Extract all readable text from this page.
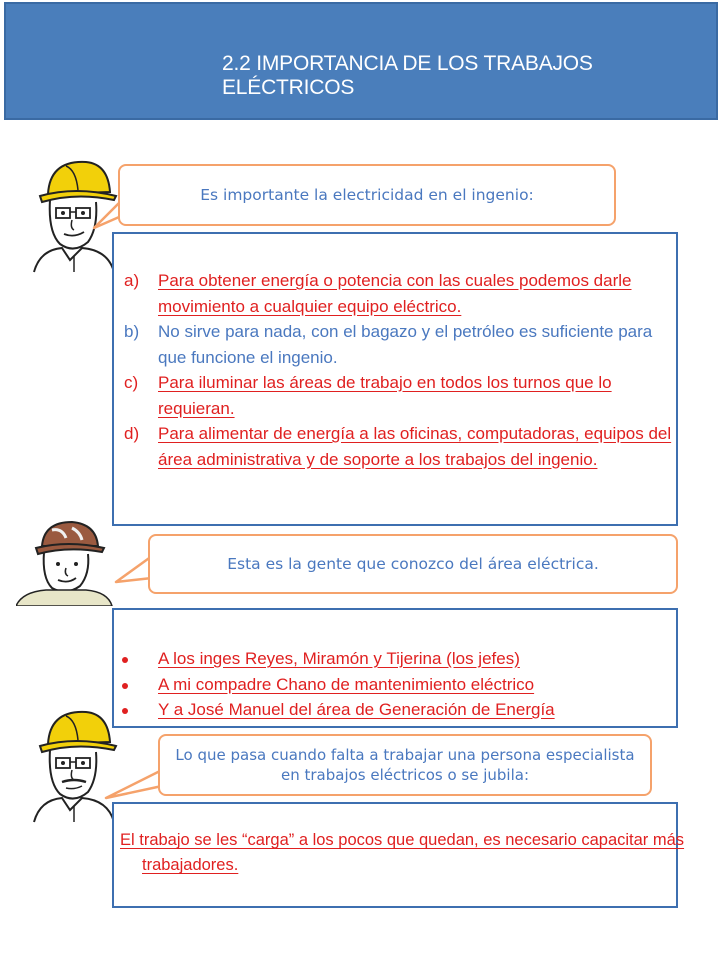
2.2 IMPORTANCIA DE LOS TRABAJOS ELÉCTRICOS
Es importante la electricidad en el ingenio:
a) Para obtener energía o potencia con las cuales podemos darle movimiento a cualquier equipo eléctrico.
b) No sirve para nada, con el bagazo y el petróleo es suficiente para que funcione el ingenio.
c) Para iluminar las áreas de trabajo en todos los turnos que lo requieran.
d) Para alimentar de energía a las oficinas, computadoras, equipos del área administrativa y de soporte a los trabajos del ingenio.
Esta es la gente que conozco del área eléctrica.
A los inges Reyes, Miramón y Tijerina (los jefes)
A mi compadre Chano de mantenimiento eléctrico
Y a José Manuel del área de Generación de Energía
Lo que pasa cuando falta a trabajar una persona especialista en trabajos eléctricos o se jubila:
El trabajo se les “carga” a los pocos que quedan, es necesario capacitar más trabajadores.
